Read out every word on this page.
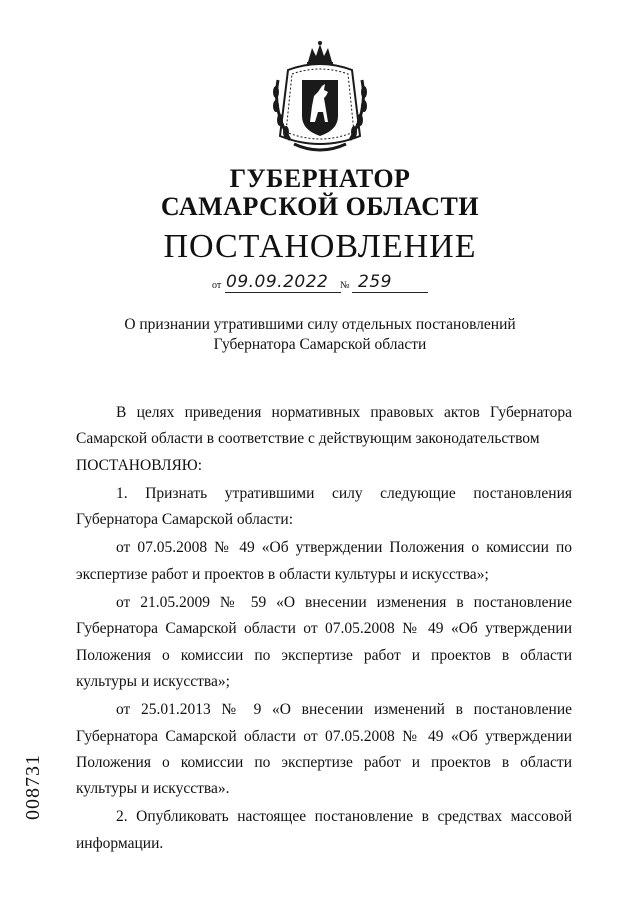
ГУБЕРНАТОР
САМАРСКОЙ ОБЛАСТИ
ПОСТАНОВЛЕНИЕ
от 09.09.2022 № 259
О признании утратившими силу отдельных постановлений
Губернатора Самарской области

В целях приведения нормативных правовых актов Губернатора Самарской области в соответствие с действующим законодательством

ПОСТАНОВЛЯЮ:

1. Признать утратившими силу следующие постановления Губернатора Самарской области:

от 07.05.2008 № 49 «Об утверждении Положения о комиссии по экспертизе работ и проектов в области культуры и искусства»;

от 21.05.2009 № 59 «О внесении изменения в постановление Губернатора Самарской области от 07.05.2008 № 49 «Об утверждении Положения о комиссии по экспертизе работ и проектов в области культуры и искусства»;

от 25.01.2013 № 9 «О внесении изменений в постановление Губернатора Самарской области от 07.05.2008 № 49 «Об утверждении Положения о комиссии по экспертизе работ и проектов в области культуры и искусства».

2. Опубликовать настоящее постановление в средствах массовой информации.

008731
